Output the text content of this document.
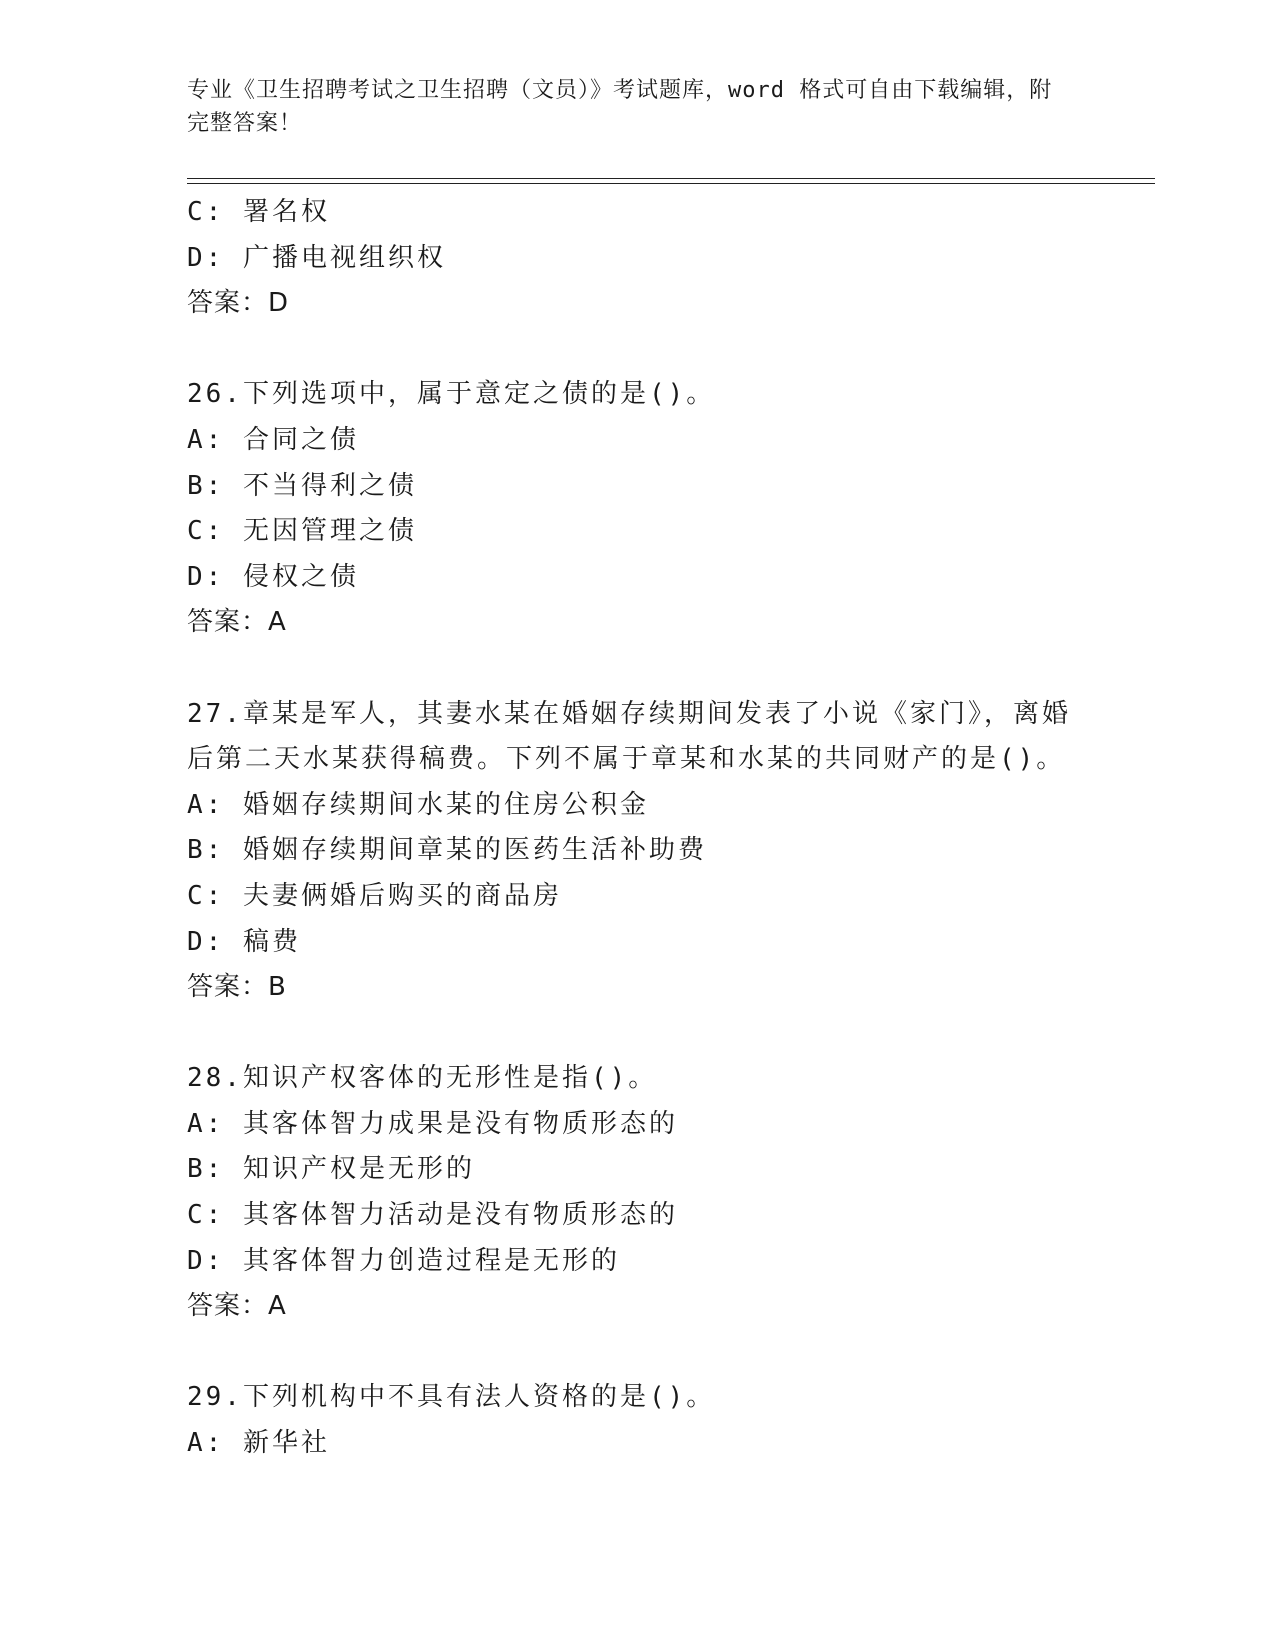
专业《卫生招聘考试之卫生招聘（文员）》考试题库，word 格式可自由下载编辑，附完整答案！
C: 署名权
D: 广播电视组织权
答案：D
26.下列选项中，属于意定之债的是()。
A: 合同之债
B: 不当得利之债
C: 无因管理之债
D: 侵权之债
答案：A
27.章某是军人，其妻水某在婚姻存续期间发表了小说《家门》，离婚
后第二天水某获得稿费。下列不属于章某和水某的共同财产的是()。
A: 婚姻存续期间水某的住房公积金
B: 婚姻存续期间章某的医药生活补助费
C: 夫妻俩婚后购买的商品房
D: 稿费
答案：B
28.知识产权客体的无形性是指()。
A: 其客体智力成果是没有物质形态的
B: 知识产权是无形的
C: 其客体智力活动是没有物质形态的
D: 其客体智力创造过程是无形的
答案：A
29.下列机构中不具有法人资格的是()。
A: 新华社
